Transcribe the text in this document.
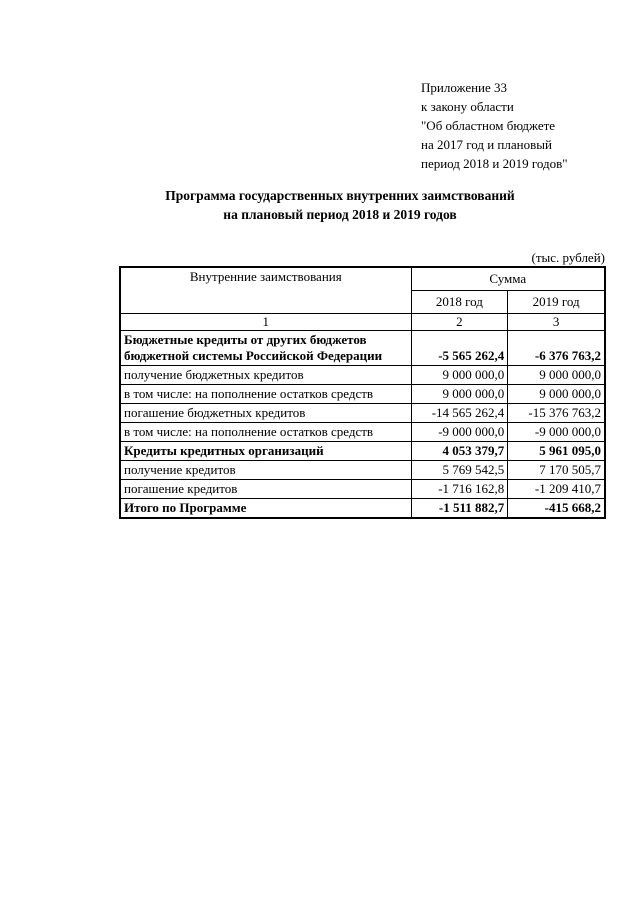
Приложение 33
к закону области
"Об областном бюджете
на 2017 год и плановый
период 2018 и 2019 годов"
Программа государственных внутренних заимствований
на плановый период 2018 и 2019 годов
(тыс. рублей)
Внутренние заимствования	Сумма	
	2018 год	2019 год
1	2	3

Бюджетные кредиты от других бюджетов
бюджетной системы Российской Федерации	-5 565 262,4	-6 376 763,2
получение бюджетных кредитов	9 000 000,0	9 000 000,0
в том числе: на пополнение остатков средств	9 000 000,0	9 000 000,0
погашение бюджетных кредитов	-14 565 262,4	-15 376 763,2
в том числе: на пополнение остатков средств	-9 000 000,0	-9 000 000,0
Кредиты кредитных организаций	4 053 379,7	5 961 095,0
получение кредитов	5 769 542,5	7 170 505,7
погашение кредитов	-1 716 162,8	-1 209 410,7
Итого по Программе	-1 511 882,7	-415 668,2
